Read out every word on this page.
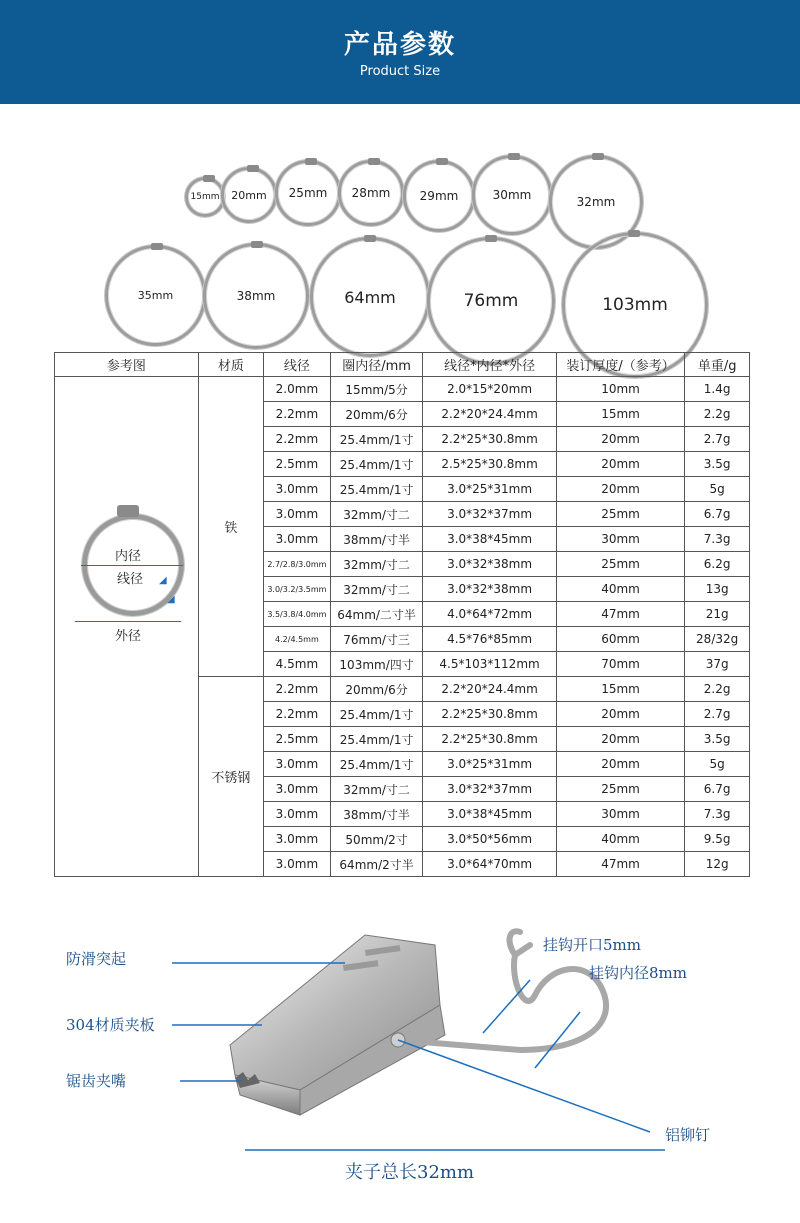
产品参数
Product Size
15mm 20mm 25mm 28mm 29mm	30mm	32mm
35mm	38mm	64mm	76mm	103mm
参考图	材质	线径	圈内径/mm	线径*内径*外径	装订厚度/（参考）	单重/g
	铁	2.0mm	15mm/5分	2.0*15*20mm	10mm	1.4g
		2.2mm	20mm/6分	2.2*20*24.4mm	15mm	2.2g
		2.2mm	25.4mm/1寸	2.2*25*30.8mm	20mm	2.7g
		2.5mm	25.4mm/1寸	2.5*25*30.8mm	20mm	3.5g
		3.0mm	25.4mm/1寸	3.0*25*31mm	20mm	5g
		3.0mm	32mm/寸二	3.0*32*37mm	25mm	6.7g
		3.0mm	38mm/寸半	3.0*38*45mm	30mm	7.3g
		2.7/2.8/3.0mm	32mm/寸二	3.0*32*38mm	25mm	6.2g
		3.0/3.2/3.5mm	32mm/寸二	3.0*32*38mm	40mm	13g
		3.5/3.8/4.0mm	64mm/二寸半	4.0*64*72mm	47mm	21g
		4.2/4.5mm	76mm/寸三	4.5*76*85mm	60mm	28/32g
		4.5mm	103mm/四寸	4.5*103*112mm	70mm	37g
	不锈钢	2.2mm	20mm/6分	2.2*20*24.4mm	15mm	2.2g
		2.2mm	25.4mm/1寸	2.2*25*30.8mm	20mm	2.7g
		2.5mm	25.4mm/1寸	2.2*25*30.8mm	20mm	3.5g
		3.0mm	25.4mm/1寸	3.0*25*31mm	20mm	5g
		3.0mm	32mm/寸二	3.0*32*37mm	25mm	6.7g
		3.0mm	38mm/寸半	3.0*38*45mm	30mm	7.3g
		3.0mm	50mm/2寸	3.0*50*56mm	40mm	9.5g
		3.0mm	64mm/2寸半	3.0*64*70mm	47mm	12g
内径
线径 ◢
◢
外径
防滑突起
304材质夹板
锯齿夹嘴
挂钩开口5mm
挂钩内径8mm
铝铆钉
夹子总长32mm
